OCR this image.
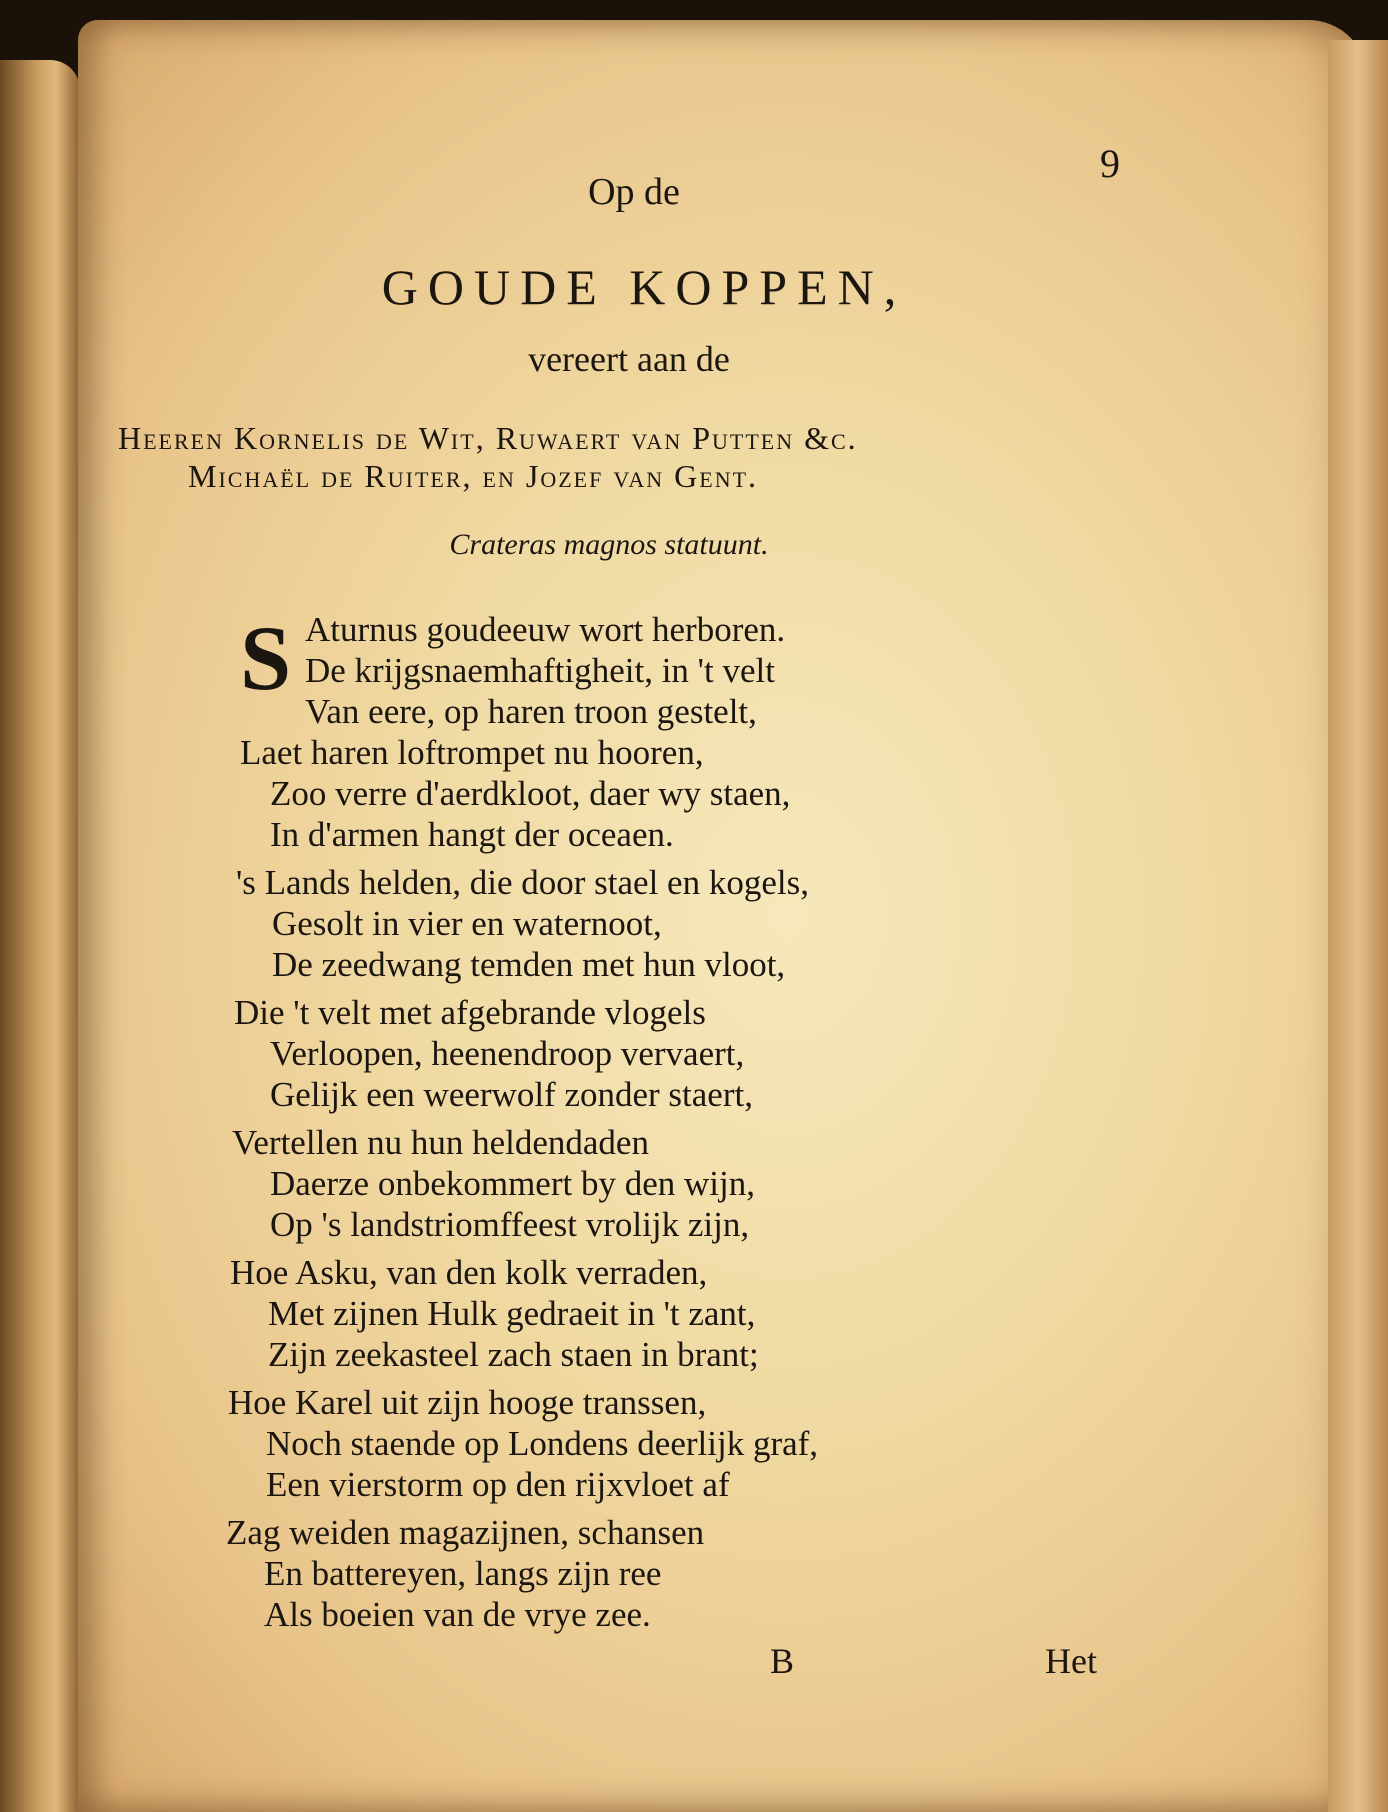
9
Op de
GOUDE KOPPEN,
vereert aan de
Heeren Kornelis de Wit, Ruwaert van Putten &c.
Michaël de Ruiter, en Jozef van Gent.
Crateras magnos statuunt.
S Aturnus goudeeuw wort herboren.
De krijgsnaemhaftigheit, in 't velt
Van eere, op haren troon gestelt,
Laet haren loftrompet nu hooren,
Zoo verre d'aerdkloot, daer wy staen,
In d'armen hangt der oceaen.
's Lands helden, die door stael en kogels,
Gesolt in vier en waternoot,
De zeedwang temden met hun vloot,
Die 't velt met afgebrande vlogels
Verloopen, heenendroop vervaert,
Gelijk een weerwolf zonder staert,
Vertellen nu hun heldendaden
Daerze onbekommert by den wijn,
Op 's landstriomffeest vrolijk zijn,
Hoe Asku, van den kolk verraden,
Met zijnen Hulk gedraeit in 't zant,
Zijn zeekasteel zach staen in brant;
Hoe Karel uit zijn hooge transsen,
Noch staende op Londens deerlijk graf,
Een vierstorm op den rijxvloet af
Zag weiden magazijnen, schansen
En battereyen, langs zijn ree
Als boeien van de vrye zee.
B	Het
